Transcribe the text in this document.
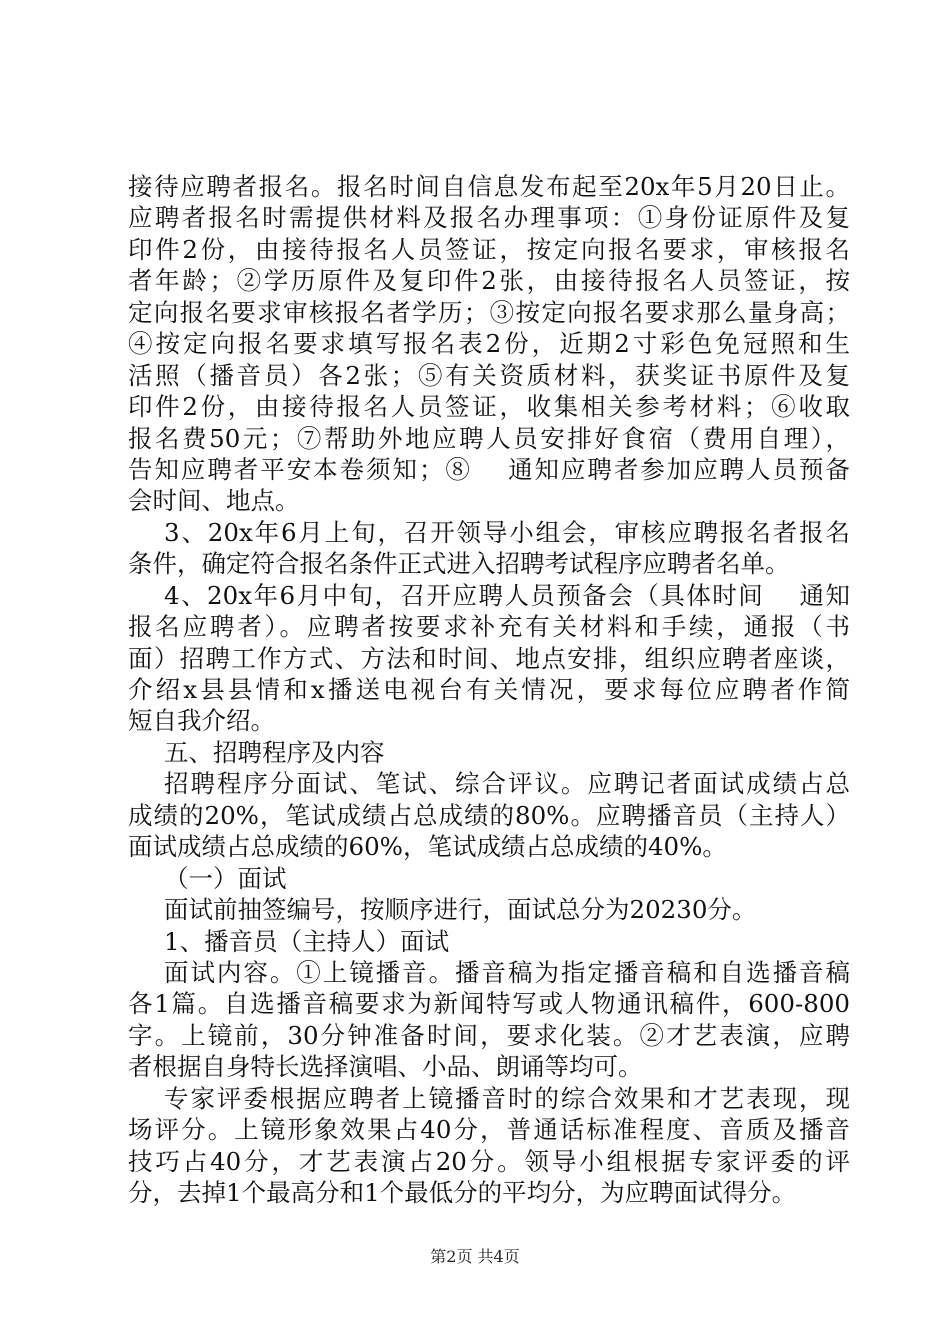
接待应聘者报名。报名时间自信息发布起至20x年5月20日止。
应聘者报名时需提供材料及报名办理事项：①身份证原件及复
印件2份，由接待报名人员签证，按定向报名要求，审核报名
者年龄；②学历原件及复印件2张，由接待报名人员签证，按
定向报名要求审核报名者学历；③按定向报名要求那么量身高；
④按定向报名要求填写报名表2份，近期2寸彩色免冠照和生
活照（播音员）各2张；⑤有关资质材料，获奖证书原件及复
印件2份，由接待报名人员签证，收集相关参考材料；⑥收取
报名费50元；⑦帮助外地应聘人员安排好食宿（费用自理），
告知应聘者平安本卷须知；⑧　 通知应聘者参加应聘人员预备
会时间、地点。
3、20x年6月上旬，召开领导小组会，审核应聘报名者报名
条件，确定符合报名条件正式进入招聘考试程序应聘者名单。
4、20x年6月中旬，召开应聘人员预备会（具体时间　 通知
报名应聘者）。应聘者按要求补充有关材料和手续，通报（书
面）招聘工作方式、方法和时间、地点安排，组织应聘者座谈，
介绍x县县情和x播送电视台有关情况，要求每位应聘者作简
短自我介绍。
五、招聘程序及内容
招聘程序分面试、笔试、综合评议。应聘记者面试成绩占总
成绩的20%，笔试成绩占总成绩的80%。应聘播音员（主持人）
面试成绩占总成绩的60%，笔试成绩占总成绩的40%。
（一）面试
面试前抽签编号，按顺序进行，面试总分为20230分。
1、播音员（主持人）面试
面试内容。①上镜播音。播音稿为指定播音稿和自选播音稿
各1篇。自选播音稿要求为新闻特写或人物通讯稿件，600-800
字。上镜前，30分钟准备时间，要求化装。②才艺表演，应聘
者根据自身特长选择演唱、小品、朗诵等均可。
专家评委根据应聘者上镜播音时的综合效果和才艺表现，现
场评分。上镜形象效果占40分，普通话标准程度、音质及播音
技巧占40分，才艺表演占20分。领导小组根据专家评委的评
分，去掉1个最高分和1个最低分的平均分，为应聘面试得分。
第2页 共4页
